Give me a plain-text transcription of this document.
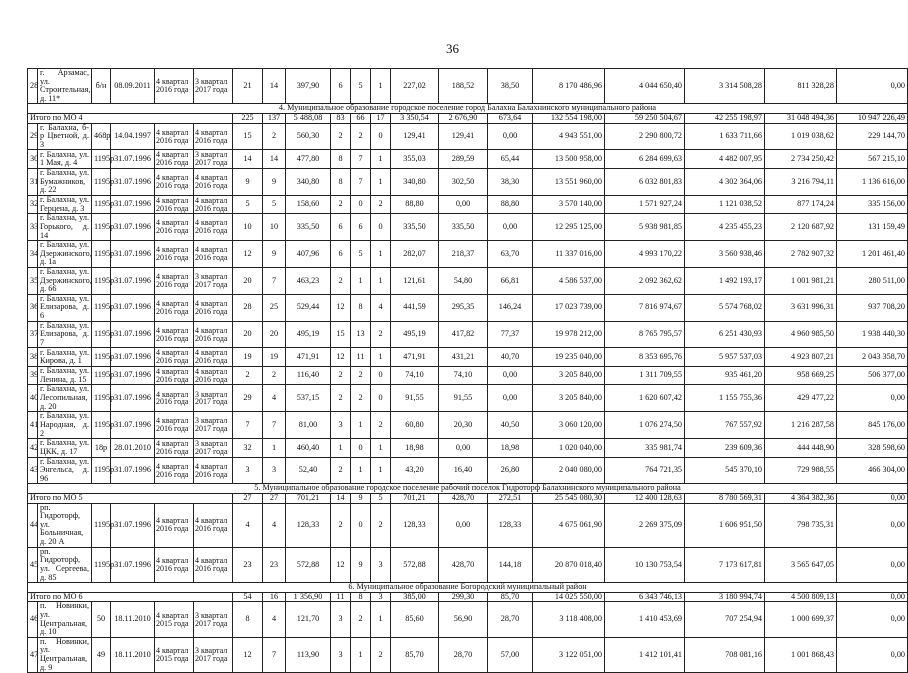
36
28	г. Арзамас, ул. Строительная, д. 11*	б/н	08.09.2011	4 квартал 2016 года	3 квартал 2017 года	21	14	397,90	6	5	1	227,02	188,52	38,50	8 170 486,96	4 044 650,40	3 314 508,28	811 328,28	0,00
4. Муниципальное образование городское поселение город Балахна Балахнинского муниципального района																			
Итого по МО 4						225	137	5 488,08	83	66	17	3 350,54	2 676,90	673,64	132 554 198,00	59 250 504,67	42 255 198,97	31 048 494,36	10 947 226,49
29	г. Балахна, б-р Цветной, д. 3	468р	14.04.1997	4 квартал 2016 года	4 квартал 2016 года	15	2	560,30	2	2	0	129,41	129,41	0,00	4 943 551,00	2 290 800,72	1 633 711,66	1 019 038,62	229 144,70
30	г. Балахна, ул. 1 Мая, д. 4	1195р	31.07.1996	4 квартал 2016 года	3 квартал 2017 года	14	14	477,80	8	7	1	355,03	289,59	65,44	13 500 958,00	6 284 699,63	4 482 007,95	2 734 250,42	567 215,10
31	г. Балахна, ул. Бумажников, д. 22	1195р	31.07.1996	4 квартал 2016 года	4 квартал 2016 года	9	9	340,80	8	7	1	340,80	302,50	38,30	13 551 960,00	6 032 801,83	4 302 364,06	3 216 794,11	1 136 616,00
32	г. Балахна, ул. Герцена, д. 3	1195р	31.07.1996	4 квартал 2016 года	4 квартал 2016 года	5	5	158,60	2	0	2	88,80	0,00	88,80	3 570 140,00	1 571 927,24	1 121 038,52	877 174,24	335 156,00
33	г. Балахна, ул. Горького, д. 14	1195р	31.07.1996	4 квартал 2016 года	4 квартал 2016 года	10	10	335,50	6	6	0	335,50	335,50	0,00	12 295 125,00	5 938 981,85	4 235 455,23	2 120 687,92	131 159,49
34	г. Балахна, ул. Дзержинского, д. 1а	1195р	31.07.1996	4 квартал 2016 года	4 квартал 2016 года	12	9	407,96	6	5	1	282,07	218,37	63,70	11 337 016,00	4 993 170,22	3 560 938,46	2 782 907,32	1 201 461,40
35	г. Балахна, ул. Дзержинского, д. 66	1195р	31.07.1996	4 квартал 2016 года	3 квартал 2017 года	20	7	463,23	2	1	1	121,61	54,80	66,81	4 586 537,00	2 092 362,62	1 492 193,17	1 001 981,21	280 511,00
36	г. Балахна, ул. Елизарова, д. 6	1195р	31.07.1996	4 квартал 2016 года	4 квартал 2016 года	28	25	529,44	12	8	4	441,59	295,35	146,24	17 023 739,00	7 816 974,67	5 574 768,02	3 631 996,31	937 708,20
37	г. Балахна, ул. Елизарова, д. 7	1195р	31.07.1996	4 квартал 2016 года	4 квартал 2016 года	20	20	495,19	15	13	2	495,19	417,82	77,37	19 978 212,00	8 765 795,57	6 251 430,93	4 960 985,50	1 938 440,30
38	г. Балахна, ул. Кирова, д. 1	1195р	31.07.1996	4 квартал 2016 года	4 квартал 2016 года	19	19	471,91	12	11	1	471,91	431,21	40,70	19 235 040,00	8 353 695,76	5 957 537,03	4 923 807,21	2 043 358,70
39	г. Балахна, ул. Ленина, д. 15	1195р	31.07.1996	4 квартал 2016 года	4 квартал 2016 года	2	2	116,40	2	2	0	74,10	74,10	0,00	3 205 840,00	1 311 709,55	935 461,20	958 669,25	506 377,00
40	г. Балахна, ул. Лесопильная, д. 20	1195р	31.07.1996	4 квартал 2016 года	3 квартал 2017 года	29	4	537,15	2	2	0	91,55	91,55	0,00	3 205 840,00	1 620 607,42	1 155 755,36	429 477,22	0,00
41	г. Балахна, ул. Народная, д. 2	1195р	31.07.1996	4 квартал 2016 года	3 квартал 2017 года	7	7	81,00	3	1	2	60,80	20,30	40,50	3 060 120,00	1 076 274,50	767 557,92	1 216 287,58	845 176,00
42	г. Балахна, ул. ЦКК, д. 17	18р	28.01.2010	4 квартал 2016 года	3 квартал 2017 года	32	1	460,40	1	0	1	18,98	0,00	18,98	1 020 040,00	335 981,74	239 609,36	444 448,90	328 598,60
43	г. Балахна, ул. Энгельса, д. 96	1195р	31.07.1996	4 квартал 2016 года	4 квартал 2016 года	3	3	52,40	2	1	1	43,20	16,40	26,80	2 040 080,00	764 721,35	545 370,10	729 988,55	466 304,00
5. Муниципальное образование городское поселение рабочий поселок Гидроторф Балахнинского муниципального района																			
Итого по МО 5						27	27	701,21	14	9	5	701,21	428,70	272,51	25 545 080,30	12 400 128,63	8 780 569,31	4 364 382,36	0,00
44	рп. Гидроторф, ул. Больничная, д. 20 А	1195р	31.07.1996	4 квартал 2016 года	4 квартал 2016 года	4	4	128,33	2	0	2	128,33	0,00	128,33	4 675 061,90	2 269 375,09	1 606 951,50	798 735,31	0,00
45	рп. Гидроторф, ул. Сергеева, д. 85	1195р	31.07.1996	4 квартал 2016 года	4 квартал 2016 года	23	23	572,88	12	9	3	572,88	428,70	144,18	20 870 018,40	10 130 753,54	7 173 617,81	3 565 647,05	0,00
6. Муниципальное образование Богородский муниципальный район																			
Итого по МО 6						54	16	1 356,90	11	8	3	385,00	299,30	85,70	14 025 550,00	6 343 746,13	3 180 994,74	4 500 809,13	0,00
46	п. Новинки, ул. Центральная, д. 10	50	18.11.2010	4 квартал 2015 года	3 квартал 2017 года	8	4	121,70	3	2	1	85,60	56,90	28,70	3 118 408,00	1 410 453,69	707 254,94	1 000 699,37	0,00
47	п. Новинки, ул. Центральная, д. 9	49	18.11.2010	4 квартал 2015 года	3 квартал 2017 года	12	7	113,90	3	1	2	85,70	28,70	57,00	3 122 051,00	1 412 101,41	708 081,16	1 001 868,43	0,00
